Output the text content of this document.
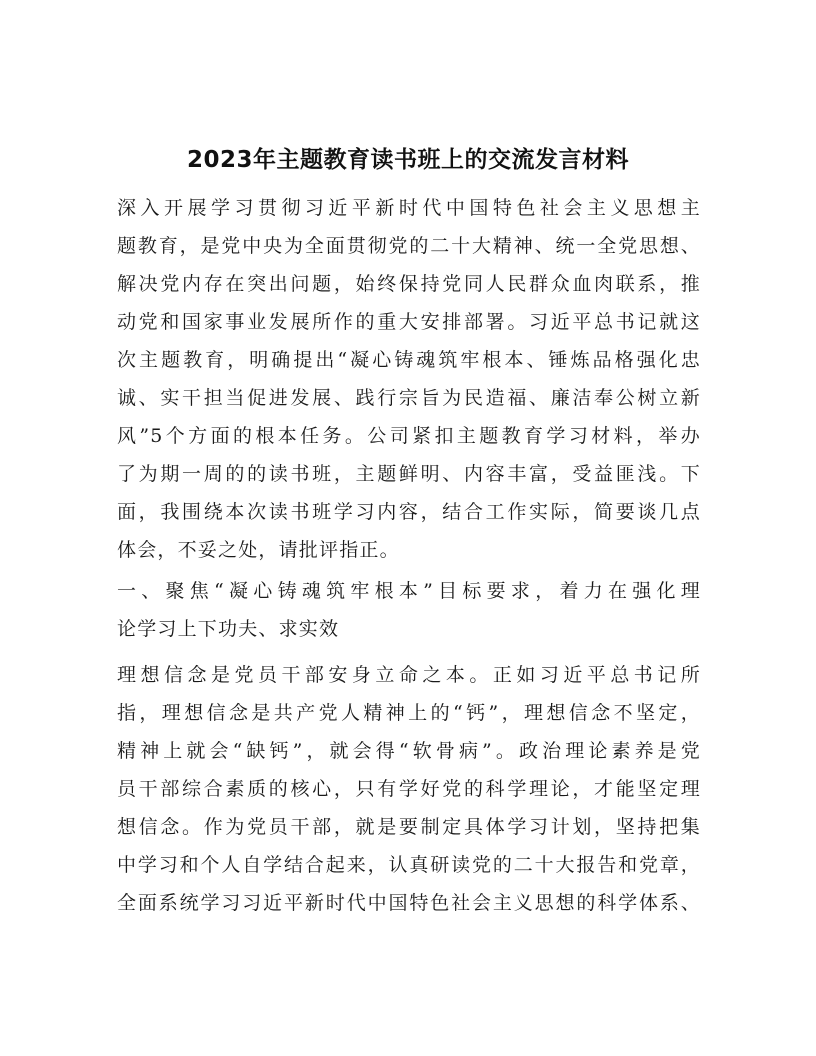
2023年主题教育读书班上的交流发言材料
深入开展学习贯彻习近平新时代中国特色社会主义思想主
题教育，是党中央为全面贯彻党的二十大精神、统一全党思想、
解决党内存在突出问题，始终保持党同人民群众血肉联系，推
动党和国家事业发展所作的重大安排部署。习近平总书记就这
次主题教育，明确提出“凝心铸魂筑牢根本、锤炼品格强化忠
诚、实干担当促进发展、践行宗旨为民造福、廉洁奉公树立新
风”5个方面的根本任务。公司紧扣主题教育学习材料，举办
了为期一周的的读书班，主题鲜明、内容丰富，受益匪浅。下
面，我围绕本次读书班学习内容，结合工作实际，简要谈几点
体会，不妥之处，请批评指正。
一、聚焦“凝心铸魂筑牢根本”目标要求，着力在强化理
论学习上下功夫、求实效
理想信念是党员干部安身立命之本。正如习近平总书记所
指，理想信念是共产党人精神上的“钙”，理想信念不坚定，
精神上就会“缺钙”，就会得“软骨病”。政治理论素养是党
员干部综合素质的核心，只有学好党的科学理论，才能坚定理
想信念。作为党员干部，就是要制定具体学习计划，坚持把集
中学习和个人自学结合起来，认真研读党的二十大报告和党章，
全面系统学习习近平新时代中国特色社会主义思想的科学体系、
